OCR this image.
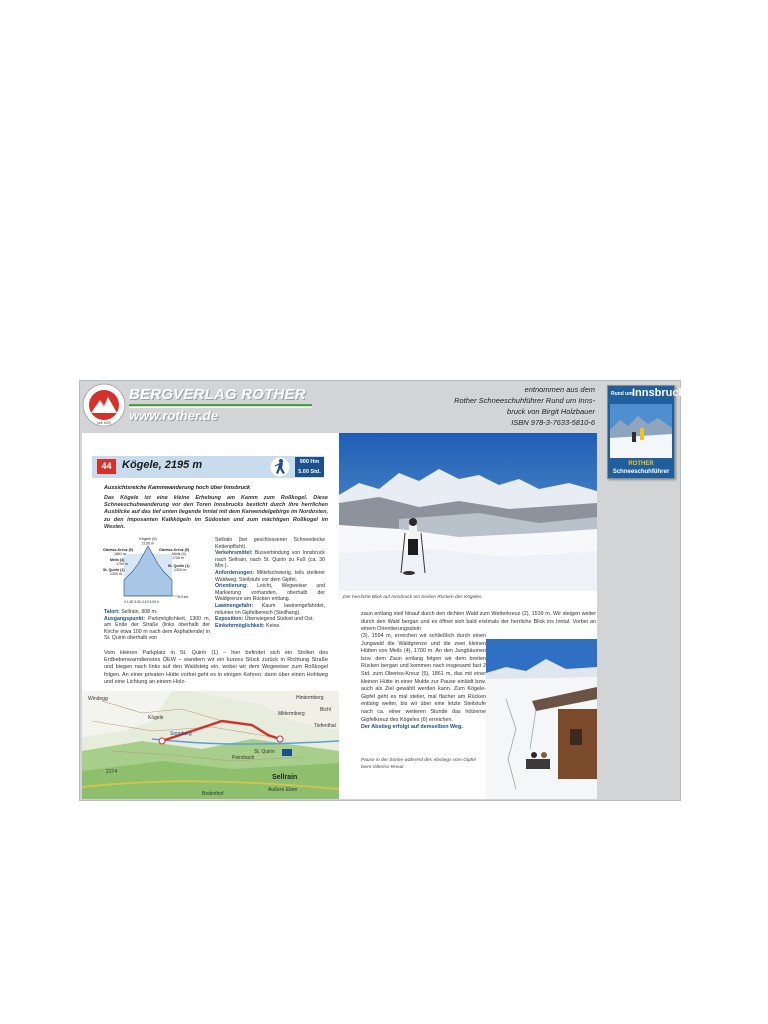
seit 1920
BERGVERLAG ROTHER
www.rother.de
entnommen aus dem
Rother Schneeschuhführer Rund um Inns-
bruck von Birgit Holzbauer
ISBN 978-3-7633-5810-6
Rund um Innsbruck
ROTHER
Schneeschuhführer
44 Kögele, 2195 m	900 Hm
5.00 Std.
Aussichtsreiche Kammwanderung hoch über Innsbruck
Das Kögele ist eine kleine Erhebung am Kamm zum Roßkogel. Diese Schneeschuhwanderung vor den Toren Innsbrucks besticht durch ihre herrlichen Ausblicke auf das tief unten liegende Inntal mit dem Karwendelgebirge im Nordosten, zu den imposanten Kalkkögeln im Südosten und zum mächtigen Roßkogel im Westen.
Kögele (6)
2195 m
Oberiss-Kreuz (5)
1861 m
Meils (4)
1700 m
St. Quirin (1)
1300 m
Oberiss-Kreuz (5)
Meils (4)
1700 m
St. Quirin (1)
1300 m
8.0 km
0 1.50 3.00 4.10 5.00 h
Sellrain (bei geschlossener Schneedecke Kettenpflicht).
Verkehrsmittel: Busverbindung von Innsbruck nach Sellrain, nach St. Quirin zu Fuß (ca. 30 Min.).
Anforderungen: Mittelschwierig, teils steilerer Waldweg, Steilstufe vor dem Gipfel.
Orientierung: Leicht, Wegweiser und Markierung vorhanden, oberhalb der Waldgrenze am Rücken entlang.
Lawinengefahr: Kaum lawinengefährdet, mitunter im Gipfelbereich (Steilhang).
Exposition: Überwiegend Südost und Ost.
Einkehrmöglichkeit: Keine.
Talort: Sellrain, 908 m.
Ausgangspunkt: Parkmöglichkeit, 1300 m, am Ende der Straße (links oberhalb der Kirche etwa 100 m nach dem Asphaltende) in St. Quirin oberhalb von
Vom kleinen Parkplatz in St. Quirin (1) – hier befindet sich ein Stollen des Erdbebenwarndienstes ÖEW – wandern wir ein kurzes Stück zurück in Richtung Straße und biegen nach links auf den Waldsteig ein, wobei wir dem Wegweiser zum Roßkogel folgen. An einer privaten Hütte vorbei geht es in einigen Kehren, dann über einen Hohlweg und eine Lichtung an einem Holz-
Windegg
Kögele
Sellrain
St. Quirin
Außere Eben
Peirsbach
Bichl
Tiefenthal
Hintermberg
Bodenhof
2174
Sonnberg
Mittermberg
Der herrliche Blick auf Innsbruck am breiten Rücken des Kögeles.
zaun entlang steil hinauf durch den dichten Wald zum Wetterkreuz (2), 1539 m. Wir steigen weiter durch den Wald bergan und es öffnet sich bald erstmals der herrliche Blick ins Inntal. Vorbei an einem Orientierungsstein
(3), 1594 m, erreichen wir schließlich durch einen Jungwald die Waldgrenze und die zwei kleinen Hütten von Meils (4), 1700 m. An den Jungbäumen bzw. dem Zaun entlang folgen wir dem breiten Rücken bergan und kommen nach insgesamt fast 2 Std. zum Oberiss-Kreuz (5), 1861 m, das mit einer kleinen Hütte in einer Mulde zur Pause einlädt bzw. auch als Ziel gewählt werden kann. Zum Kögele-Gipfel geht es mal steiler, mal flacher am Rücken entlang weiter, bis wir über eine letzte Steilstufe nach ca. einer weiteren Stunde das hölzerne Gipfelkreuz des Kögeles (6) erreichen.
Der Abstieg erfolgt auf demselben Weg.
Pause in der Sonne während des Abstiegs vom Gipfel beim Oberiss-Kreuz.
